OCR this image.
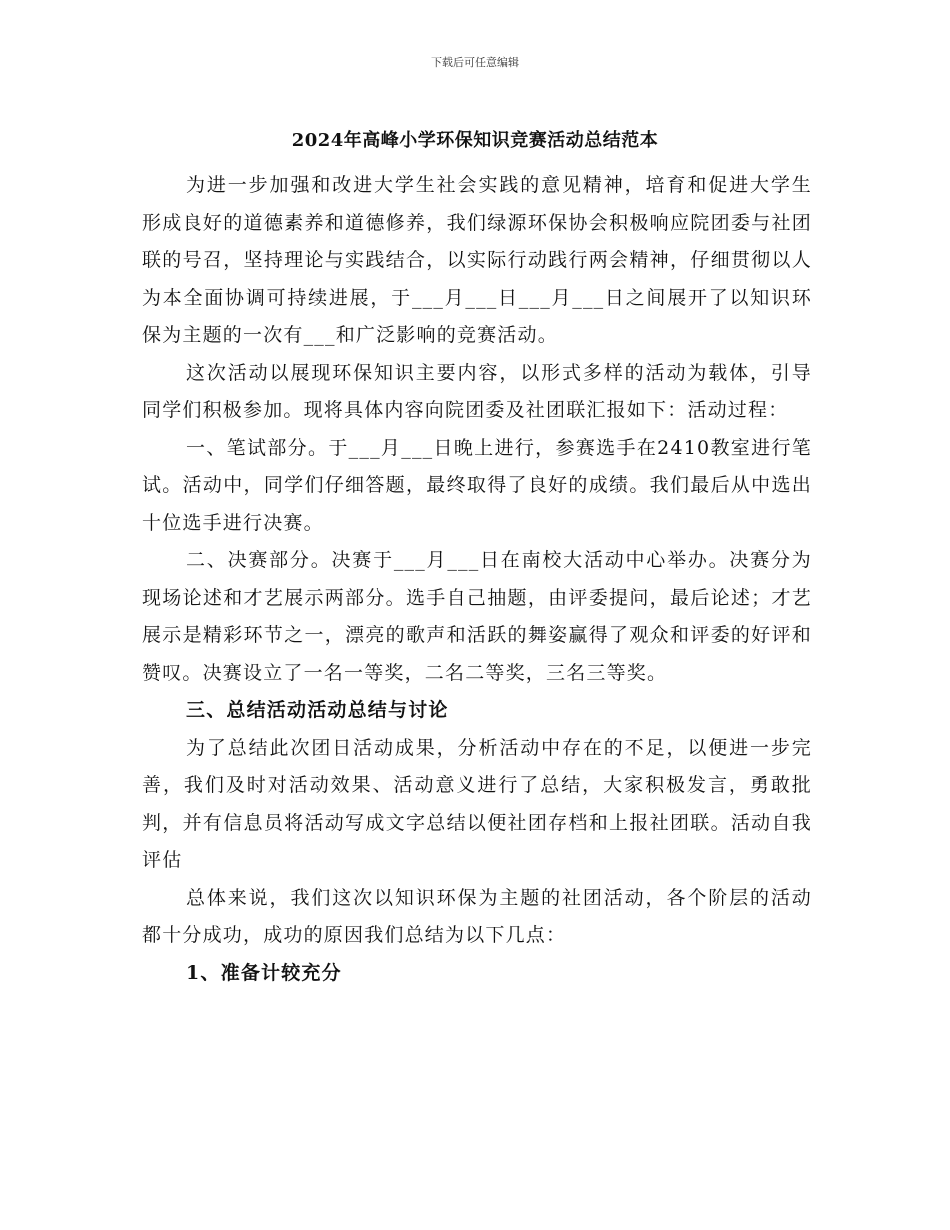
下载后可任意编辑
2024年高峰小学环保知识竞赛活动总结范本

为进一步加强和改进大学生社会实践的意见精神，培育和促进大学生形成良好的道德素养和道德修养，我们绿源环保协会积极响应院团委与社团联的号召，坚持理论与实践结合，以实际行动践行两会精神，仔细贯彻以人为本全面协调可持续进展，于___月___日___月___日之间展开了以知识环保为主题的一次有___和广泛影响的竞赛活动。

这次活动以展现环保知识主要内容，以形式多样的活动为载体，引导同学们积极参加。现将具体内容向院团委及社团联汇报如下：活动过程：

一、笔试部分。于___月___日晚上进行，参赛选手在2410教室进行笔试。活动中，同学们仔细答题，最终取得了良好的成绩。我们最后从中选出十位选手进行决赛。

二、决赛部分。决赛于___月___日在南校大活动中心举办。决赛分为现场论述和才艺展示两部分。选手自己抽题，由评委提问，最后论述；才艺展示是精彩环节之一，漂亮的歌声和活跃的舞姿赢得了观众和评委的好评和赞叹。决赛设立了一名一等奖，二名二等奖，三名三等奖。

三、总结活动活动总结与讨论

为了总结此次团日活动成果，分析活动中存在的不足，以便进一步完善，我们及时对活动效果、活动意义进行了总结，大家积极发言，勇敢批判，并有信息员将活动写成文字总结以便社团存档和上报社团联。活动自我评估

总体来说，我们这次以知识环保为主题的社团活动，各个阶层的活动都十分成功，成功的原因我们总结为以下几点：

1、准备计较充分
